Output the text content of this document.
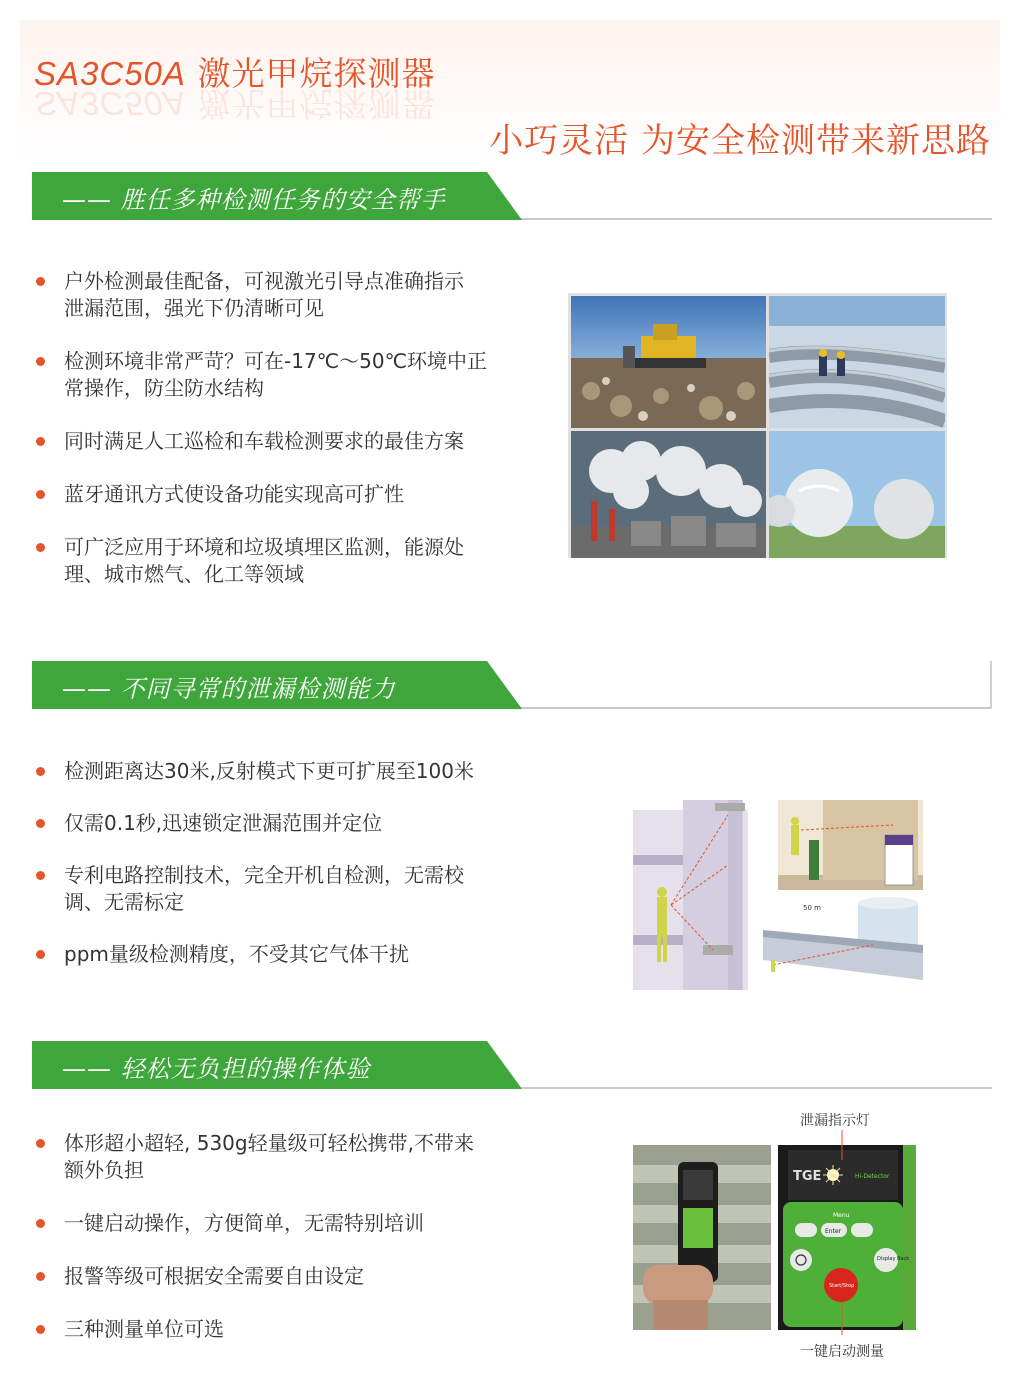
SA3C50A 激光甲烷探测器
SA3C50A 激光甲烷探测器
小巧灵活 为安全检测带来新思路
—— 胜任多种检测任务的安全帮手
户外检测最佳配备，可视激光引导点准确指示
泄漏范围，强光下仍清晰可见
检测环境非常严苛？可在-17℃～50℃环境中正
常操作，防尘防水结构
同时满足人工巡检和车载检测要求的最佳方案
蓝牙通讯方式使设备功能实现高可扩性
可广泛应用于环境和垃圾填埋区监测，能源处
理、城市燃气、化工等领域
—— 不同寻常的泄漏检测能力
检测距离达30米,反射模式下更可扩展至100米
仅需0.1秒,迅速锁定泄漏范围并定位
专利电路控制技术，完全开机自检测，无需校
调、无需标定
ppm量级检测精度，不受其它气体干扰
50 m
—— 轻松无负担的操作体验
体形超小超轻, 530g轻量级可轻松携带,不带来
额外负担
一键启动操作，方便简单，无需特别培训
报警等级可根据安全需要自由设定
三种测量单位可选
泄漏指示灯
一键启动测量
TGE	Hi-Detector
Menu
Enter
Display Back
Start/Stop
